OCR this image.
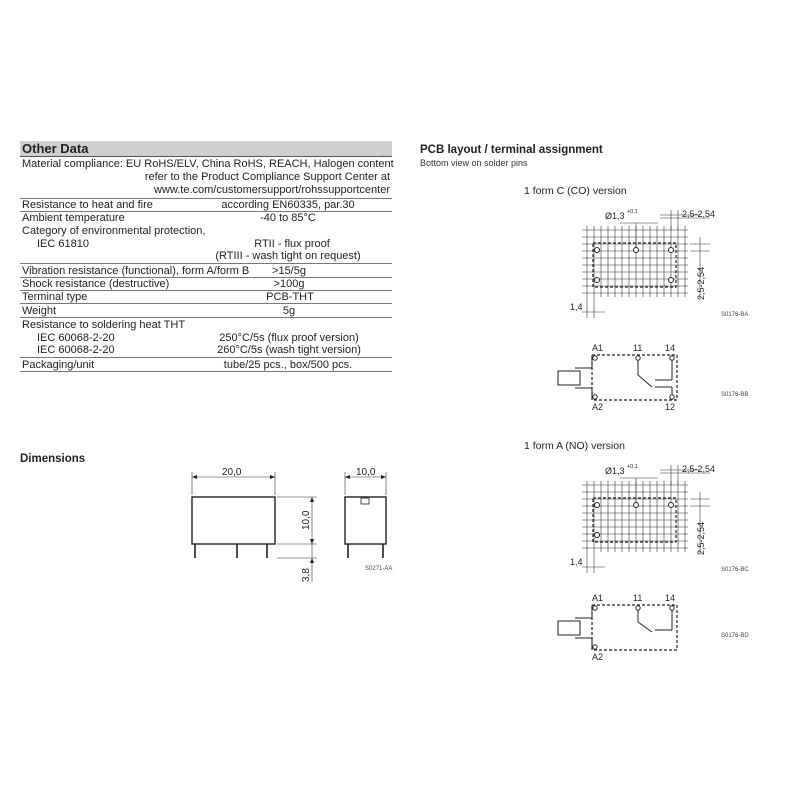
Other Data
Material compliance: EU RoHS/ELV, China RoHS, REACH, Halogen content
refer to the Product Compliance Support Center at
www.te.com/customersupport/rohssupportcenter
Resistance to heat and fire	according EN60335, par.30
Ambient temperature	-40 to 85°C
Category of environmental protection,
IEC 61810	RTII - flux proof
(RTIII - wash tight on request)
Vibration resistance (functional), form A/form B >15/5g
Shock resistance (destructive)	>100g
Terminal type	PCB-THT
Weight	5g
Resistance to soldering heat THT
IEC 60068-2-20	250°C/5s (flux proof version)
IEC 60068-2-20	260°C/5s (wash tight version)
Packaging/unit	tube/25 pcs., box/500 pcs.
PCB layout / terminal assignment
Bottom view on solder pins
1 form C (CO) version
1 form A (NO) version
Dimensions
Ø1,3 +0,1	2,5-2,54
2,5-2,54
1,4
S0176-BA
A1
A2
11	14
12
S0176-BB
Ø1,3 +0,1	2,5-2,54
2,5-2,54
1,4
S0176-BC
A1
A2
11	14
S0176-BD
20,0
10,0
3,8
10,0
S0271-AA
